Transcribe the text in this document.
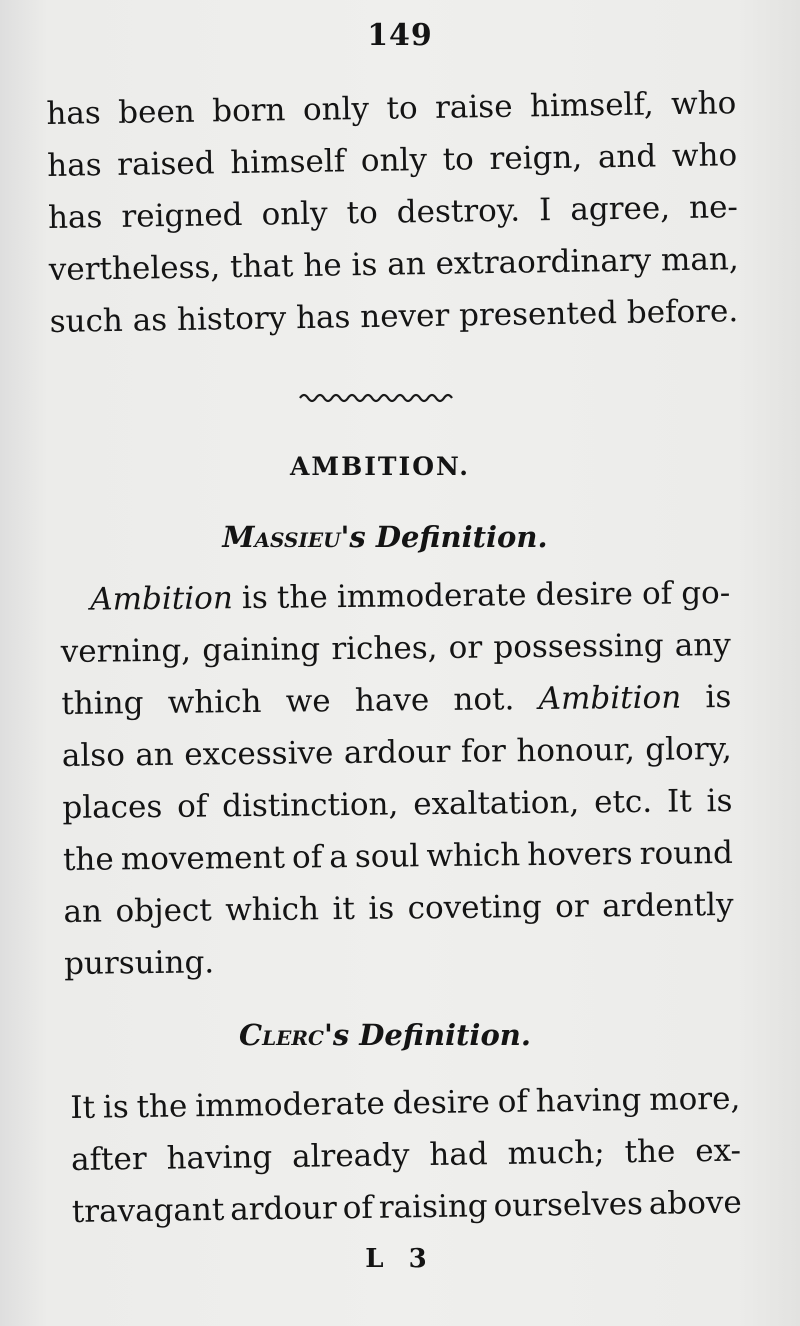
149
has been born only to raise himself, who
has raised himself only to reign, and who
has reigned only to destroy. I agree, ne-
vertheless, that he is an extraordinary man,
such as history has never presented before.
AMBITION.
Massieu's Definition.
Ambition is the immoderate desire of go-
verning, gaining riches, or possessing any
thing which we have not. Ambition is
also an excessive ardour for honour, glory,
places of distinction, exaltation, etc. It is
the movement of a soul which hovers round
an object which it is coveting or ardently
pursuing.
Clerc's Definition.
It is the immoderate desire of having more,
after having already had much; the ex-
travagant ardour of raising ourselves above
L 3
